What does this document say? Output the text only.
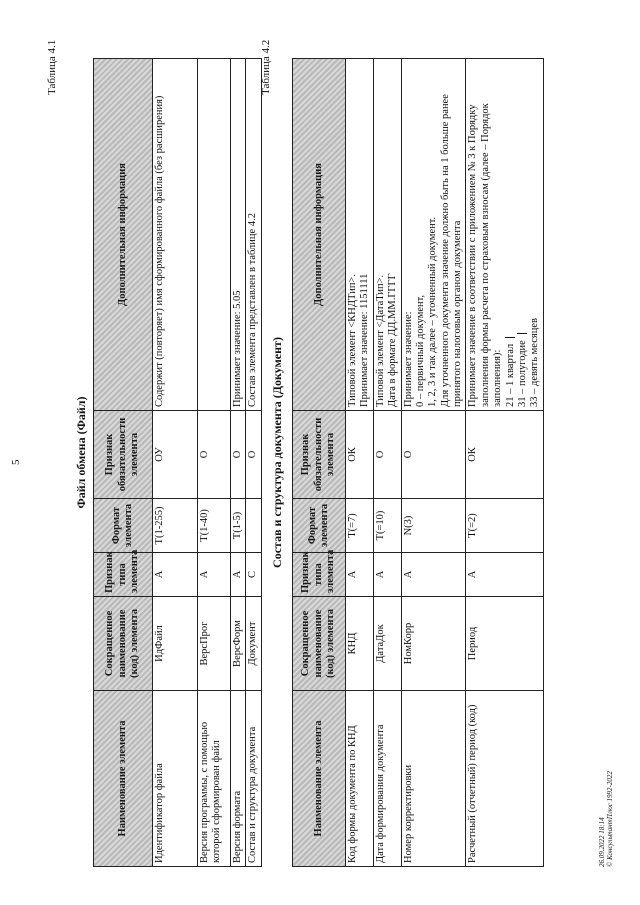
5
Таблица 4.1
Файл обмена (Файл)
Наименование элемента	Сокращенное наименование (код) элемента	Признак типа элемента	Формат элемента	Признак обязательности элемента	Дополнительная информация
Идентификатор файла	ИдФайл	А	T(1-255)	ОУ	Содержит (повторяет) имя сформированного файла (без расширения)
Версия программы, с помощью которой сформирован файл	ВерсПрог	А	T(1-40)	О	
Версия формата	ВерсФорм	А	T(1-5)	О	Принимает значение: 5.05
Состав и структура документа	Документ	С		О	Состав элемента представлен в таблице 4.2
Таблица 4.2
Состав и структура документа (Документ)
Наименование элемента	Сокращенное наименование (код) элемента	Признак типа элемента	Формат элемента	Признак обязательности элемента	Дополнительная информация
Код формы документа по КНД	КНД	А	T(=7)	ОК	Типовой элемент <КНДТип>. Принимает значение: 1151111

Дата формирования документа	ДатаДок	А	T(=10)	О	Типовой элемент <ДатаТип>. Дата в формате ДД.ММ.ГГГГ

Номер корректировки	НомКорр	А	N(3)	О	Принимает значение: 0 – первичный документ, 1, 2, 3 и так далее – уточненный документ. Для уточненного документа значение должно быть на 1 больше ранее принятого налоговым органом документа

Расчетный (отчетный) период (код)	Период	А	T(=2)	ОК	Принимает значение в соответствии с приложением № 3 к Порядку заполнения формы расчета по страховым взносам (далее – Порядок заполнения): 21 – 1 квартал 31 – полугодие 33 – девять месяцев
26.09.2022 18:14 © КонсультантПлюс 1992-2022
